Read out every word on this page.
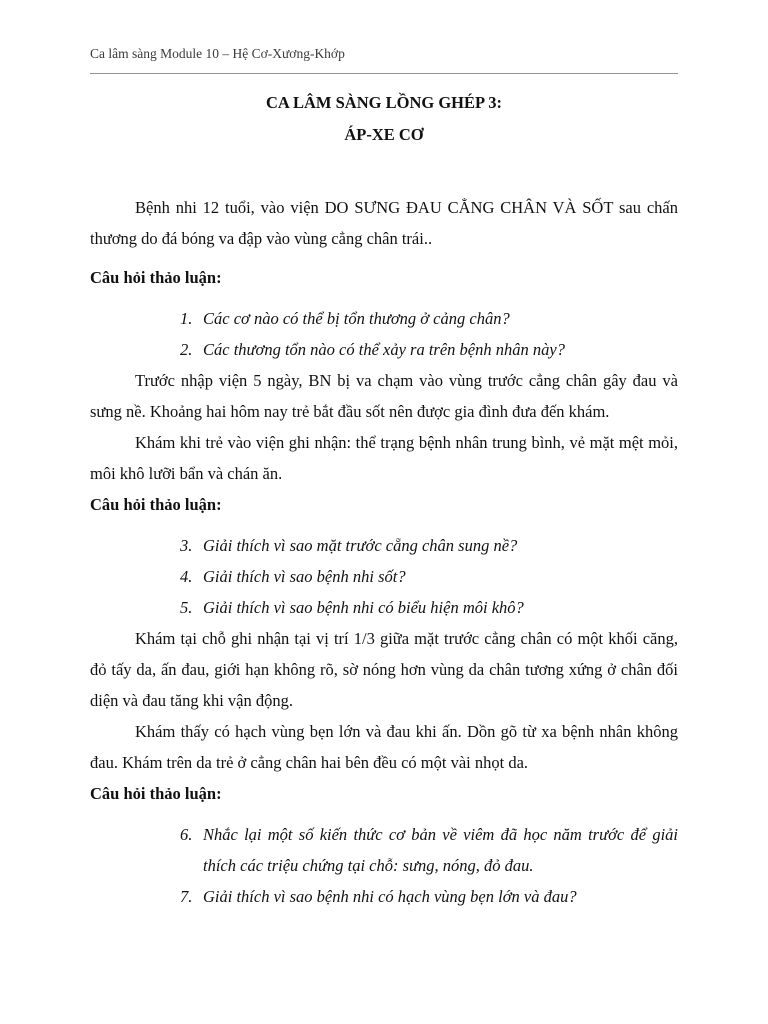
Ca lâm sàng Module 10 – Hệ Cơ-Xương-Khớp
CA LÂM SÀNG LỒNG GHÉP 3:
ÁP-XE CƠ

Bệnh nhi 12 tuổi, vào viện DO SƯNG ĐAU CẲNG CHÂN VÀ SỐT sau chấn thương do đá bóng va đập vào vùng cẳng chân trái..

Câu hỏi thảo luận:

1. Các cơ nào có thể bị tổn thương ở cảng chân?
2. Các thương tổn nào có thể xảy ra trên bệnh nhân này?

Trước nhập viện 5 ngày, BN bị va chạm vào vùng trước cẳng chân gây đau và sưng nề. Khoảng hai hôm nay trẻ bắt đầu sốt nên được gia đình đưa đến khám.

Khám khi trẻ vào viện ghi nhận: thể trạng bệnh nhân trung bình, vẻ mặt mệt mỏi, môi khô lưỡi bẩn và chán ăn.

Câu hỏi thảo luận:

3. Giải thích vì sao mặt trước cẵng chân sung nề?
4. Giải thích vì sao bệnh nhi sốt?
5. Giải thích vì sao bệnh nhi có biểu hiện môi khô?

Khám tại chỗ ghi nhận tại vị trí 1/3 giữa mặt trước cẳng chân có một khối căng, đỏ tấy da, ấn đau, giới hạn không rõ, sờ nóng hơn vùng da chân tương xứng ở chân đối diện và đau tăng khi vận động.

Khám thấy có hạch vùng bẹn lớn và đau khi ấn. Dồn gõ từ xa bệnh nhân không đau. Khám trên da trẻ ở cẳng chân hai bên đều có một vài nhọt da.

Câu hỏi thảo luận:

6. Nhắc lại một số kiến thức cơ bản về viêm đã học năm trước để giải thích các triệu chứng tại chỗ: sưng, nóng, đỏ đau.
7. Giải thích vì sao bệnh nhi có hạch vùng bẹn lớn và đau?
